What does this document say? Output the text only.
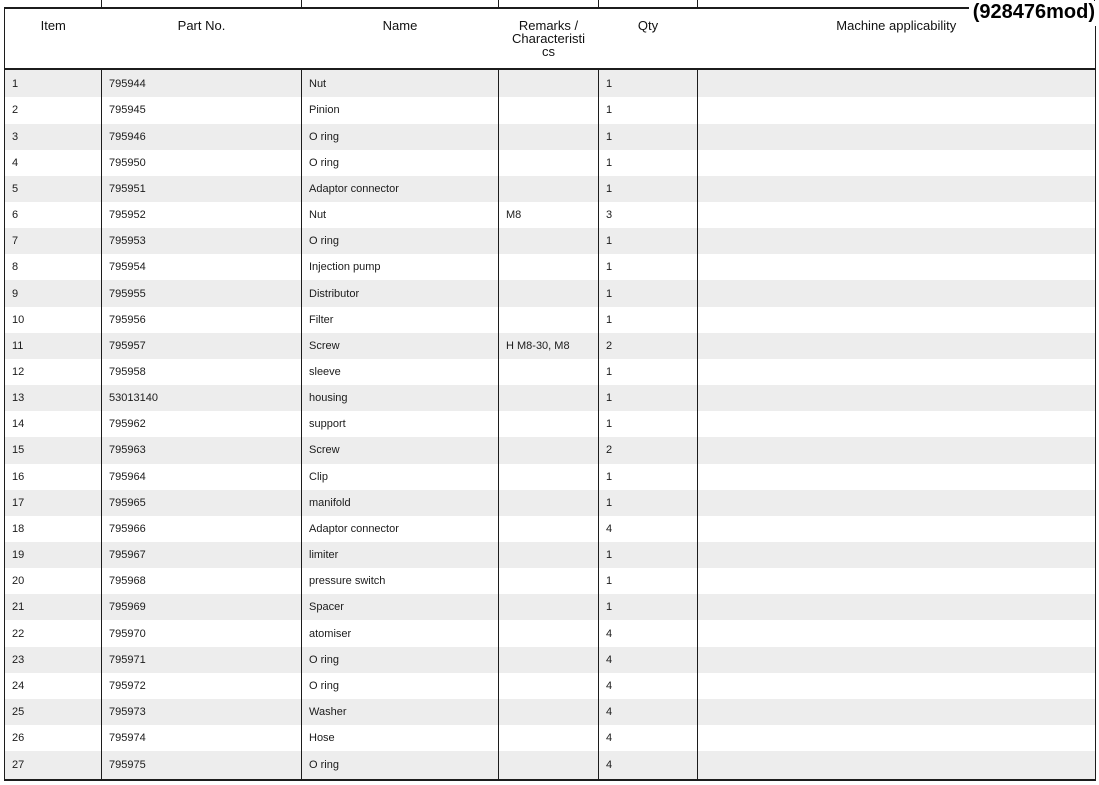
(928476mod)
Item	Part No.	Name	Remarks /
Characteristi
cs	Qty	Machine applicability
1	795944	Nut		1	
2	795945	Pinion		1	
3	795946	O ring		1	
4	795950	O ring		1	
5	795951	Adaptor connector		1	
6	795952	Nut	M8	3	
7	795953	O ring		1	
8	795954	Injection pump		1	
9	795955	Distributor		1	
10	795956	Filter		1	
11	795957	Screw	H M8-30, M8	2	
12	795958	sleeve		1	
13	53013140	housing		1	
14	795962	support		1	
15	795963	Screw		2	
16	795964	Clip		1	
17	795965	manifold		1	
18	795966	Adaptor connector		4	
19	795967	limiter		1	
20	795968	pressure switch		1	
21	795969	Spacer		1	
22	795970	atomiser		4	
23	795971	O ring		4	
24	795972	O ring		4	
25	795973	Washer		4	
26	795974	Hose		4	
27	795975	O ring		4	
